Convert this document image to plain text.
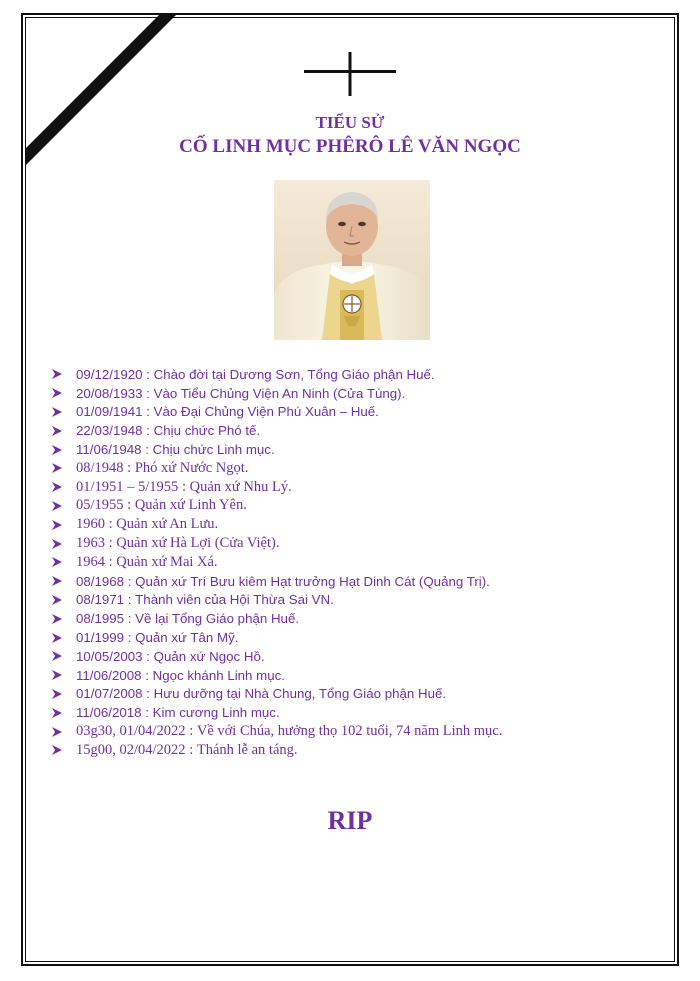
TIỂU SỬ
CỐ LINH MỤC PHÊRÔ LÊ VĂN NGỌC
09/12/1920 : Chào đời tại Dương Sơn, Tổng Giáo phận Huế.
20/08/1933 : Vào Tiểu Chủng Viện An Ninh (Cửa Tùng).
01/09/1941 : Vào Đại Chủng Viện Phú Xuân – Huế.
22/03/1948 : Chịu chức Phó tế.
11/06/1948 : Chịu chức Linh mục.
08/1948 : Phó xứ Nước Ngọt.
01/1951 – 5/1955 : Quản xứ Nhu Lý.
05/1955 : Quản xứ Linh Yên.
1960 : Quản xứ An Lưu.
1963 : Quản xứ Hà Lợi (Cửa Việt).
1964 : Quản xứ Mai Xá.
08/1968 : Quản xứ Trí Bưu kiêm Hạt trưởng Hạt Dinh Cát (Quảng Trị).
08/1971 : Thành viên của Hội Thừa Sai VN.
08/1995 : Về lại Tổng Giáo phận Huế.
01/1999 : Quản xứ Tân Mỹ.
10/05/2003 : Quản xứ Ngọc Hồ.
11/06/2008 : Ngọc khánh Linh mục.
01/07/2008 : Hưu dưỡng tại Nhà Chung, Tổng Giáo phận Huế.
11/06/2018 : Kim cương Linh mục.
03g30, 01/04/2022 : Về với Chúa, hưởng thọ 102 tuổi, 74 năm Linh mục.
15g00, 02/04/2022 : Thánh lễ an táng.
RIP
